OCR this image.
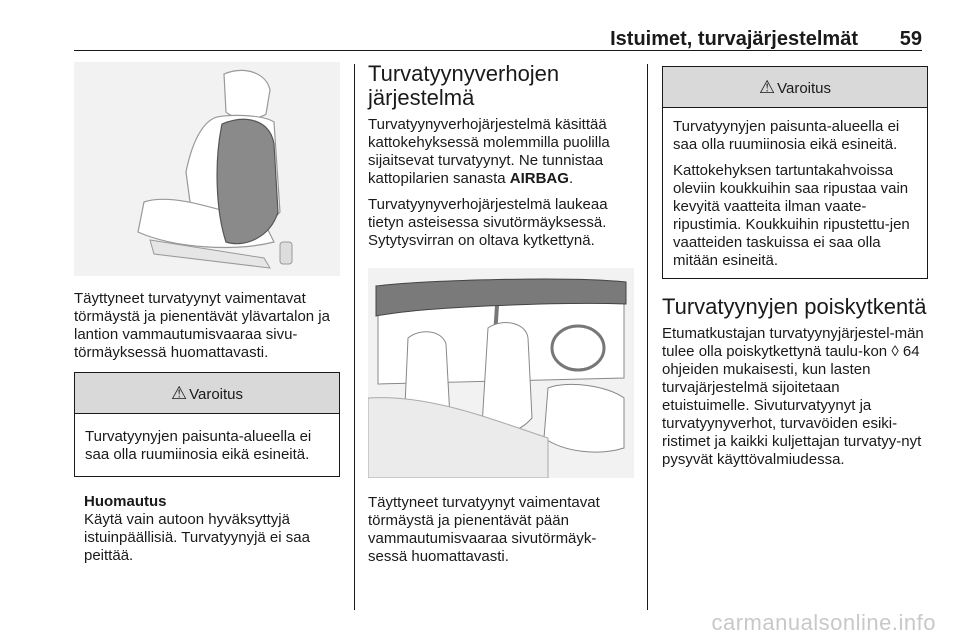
Istuimet, turvajärjestelmät 59

Täyttyneet turvatyynyt vaimentavat törmäystä ja pienentävät ylävartalon ja lantion vammautumisvaaraa sivu-törmäyksessä huomattavasti.

⚠ Varoitus

Turvatyynyjen paisunta-alueella ei saa olla ruumiinosia eikä esineitä.

Huomautus

Käytä vain autoon hyväksyttyjä istuinpäällisiä. Turvatyynyjä ei saa peittää.

Turvatyynyverhojen järjestelmä

Turvatyynyverhojärjestelmä käsittää kattokehyksessä molemmilla puolilla sijaitsevat turvatyynyt. Ne tunnistaa kattopilarien sanasta AIRBAG.

Turvatyynyverhojärjestelmä laukeaa tietyn asteisessa sivutörmäyksessä. Sytytysvirran on oltava kytkettynä.

Täyttyneet turvatyynyt vaimentavat törmäystä ja pienentävät pään vammautumisvaaraa sivutörmäyk-sessä huomattavasti.

⚠ Varoitus

Turvatyynyjen paisunta-alueella ei saa olla ruumiinosia eikä esineitä.

Kattokehyksen tartuntakahvoissa oleviin koukkuihin saa ripustaa vain kevyitä vaatteita ilman vaate-ripustimia. Koukkuihin ripustettu-jen vaatteiden taskuissa ei saa olla mitään esineitä.

Turvatyynyjen poiskytkentä

Etumatkustajan turvatyynyjärjestel-män tulee olla poiskytkettynä taulu-kon ◊ 64 ohjeiden mukaisesti, kun lasten turvajärjestelmä sijoitetaan etuistuimelle. Sivuturvatyynyt ja turvatyynyverhot, turvavöiden esiki-ristimet ja kaikki kuljettajan turvatyy-nyt pysyvät käyttövalmiudessa.

carmanualsonline.info
